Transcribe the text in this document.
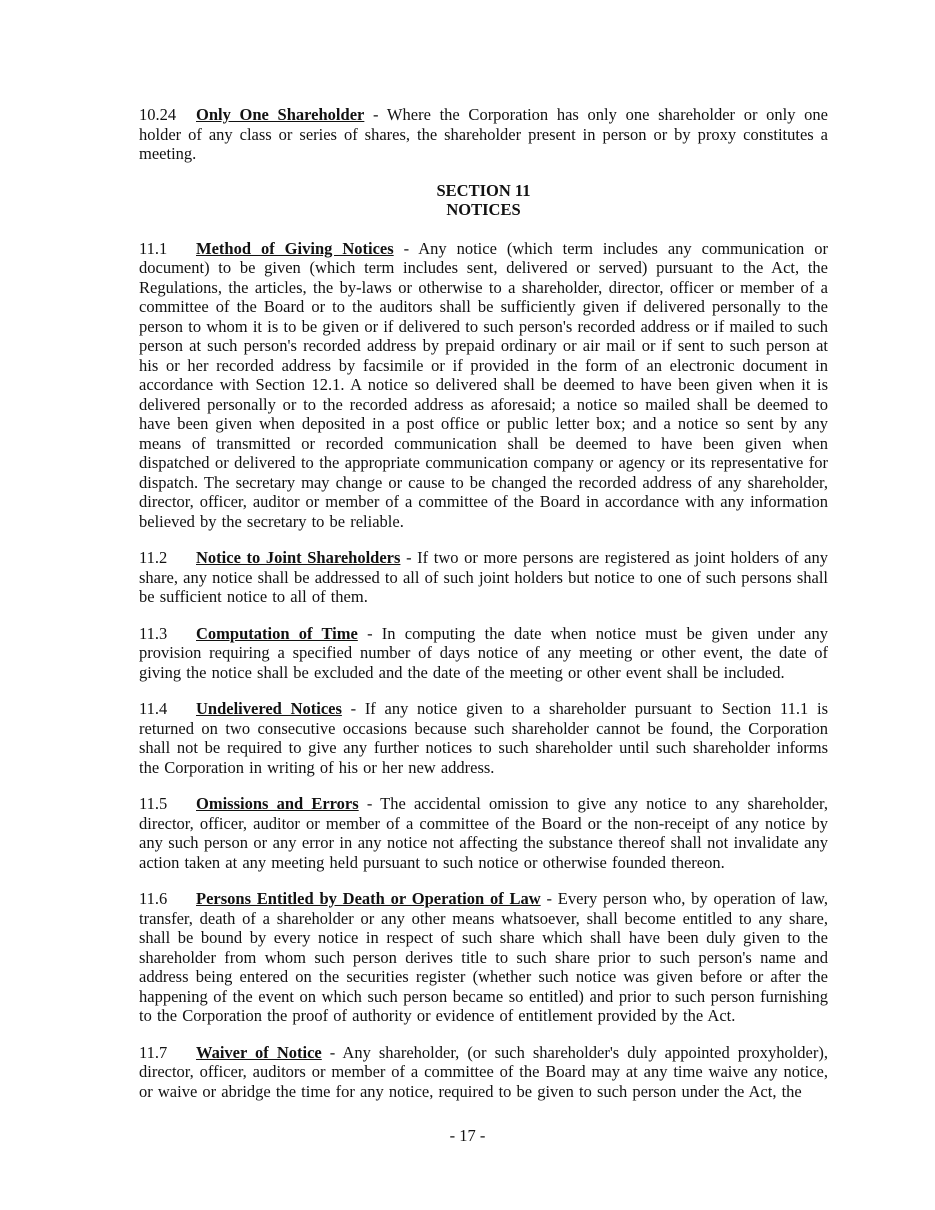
10.24 Only One Shareholder - Where the Corporation has only one shareholder or only one holder of any class or series of shares, the shareholder present in person or by proxy constitutes a meeting.

SECTION 11
NOTICES

11.1 Method of Giving Notices - Any notice (which term includes any communication or document) to be given (which term includes sent, delivered or served) pursuant to the Act, the Regulations, the articles, the by-laws or otherwise to a shareholder, director, officer or member of a committee of the Board or to the auditors shall be sufficiently given if delivered personally to the person to whom it is to be given or if delivered to such person's recorded address or if mailed to such person at such person's recorded address by prepaid ordinary or air mail or if sent to such person at his or her recorded address by facsimile or if provided in the form of an electronic document in accordance with Section 12.1. A notice so delivered shall be deemed to have been given when it is delivered personally or to the recorded address as aforesaid; a notice so mailed shall be deemed to have been given when deposited in a post office or public letter box; and a notice so sent by any means of transmitted or recorded communication shall be deemed to have been given when dispatched or delivered to the appropriate communication company or agency or its representative for dispatch. The secretary may change or cause to be changed the recorded address of any shareholder, director, officer, auditor or member of a committee of the Board in accordance with any information believed by the secretary to be reliable.

11.2 Notice to Joint Shareholders - If two or more persons are registered as joint holders of any share, any notice shall be addressed to all of such joint holders but notice to one of such persons shall be sufficient notice to all of them.

11.3 Computation of Time - In computing the date when notice must be given under any provision requiring a specified number of days notice of any meeting or other event, the date of giving the notice shall be excluded and the date of the meeting or other event shall be included.

11.4 Undelivered Notices - If any notice given to a shareholder pursuant to Section 11.1 is returned on two consecutive occasions because such shareholder cannot be found, the Corporation shall not be required to give any further notices to such shareholder until such shareholder informs the Corporation in writing of his or her new address.

11.5 Omissions and Errors - The accidental omission to give any notice to any shareholder, director, officer, auditor or member of a committee of the Board or the non-receipt of any notice by any such person or any error in any notice not affecting the substance thereof shall not invalidate any action taken at any meeting held pursuant to such notice or otherwise founded thereon.

11.6 Persons Entitled by Death or Operation of Law - Every person who, by operation of law, transfer, death of a shareholder or any other means whatsoever, shall become entitled to any share, shall be bound by every notice in respect of such share which shall have been duly given to the shareholder from whom such person derives title to such share prior to such person's name and address being entered on the securities register (whether such notice was given before or after the happening of the event on which such person became so entitled) and prior to such person furnishing to the Corporation the proof of authority or evidence of entitlement provided by the Act.

11.7 Waiver of Notice - Any shareholder, (or such shareholder's duly appointed proxyholder), director, officer, auditors or member of a committee of the Board may at any time waive any notice, or waive or abridge the time for any notice, required to be given to such person under the Act, the

- 17 -
